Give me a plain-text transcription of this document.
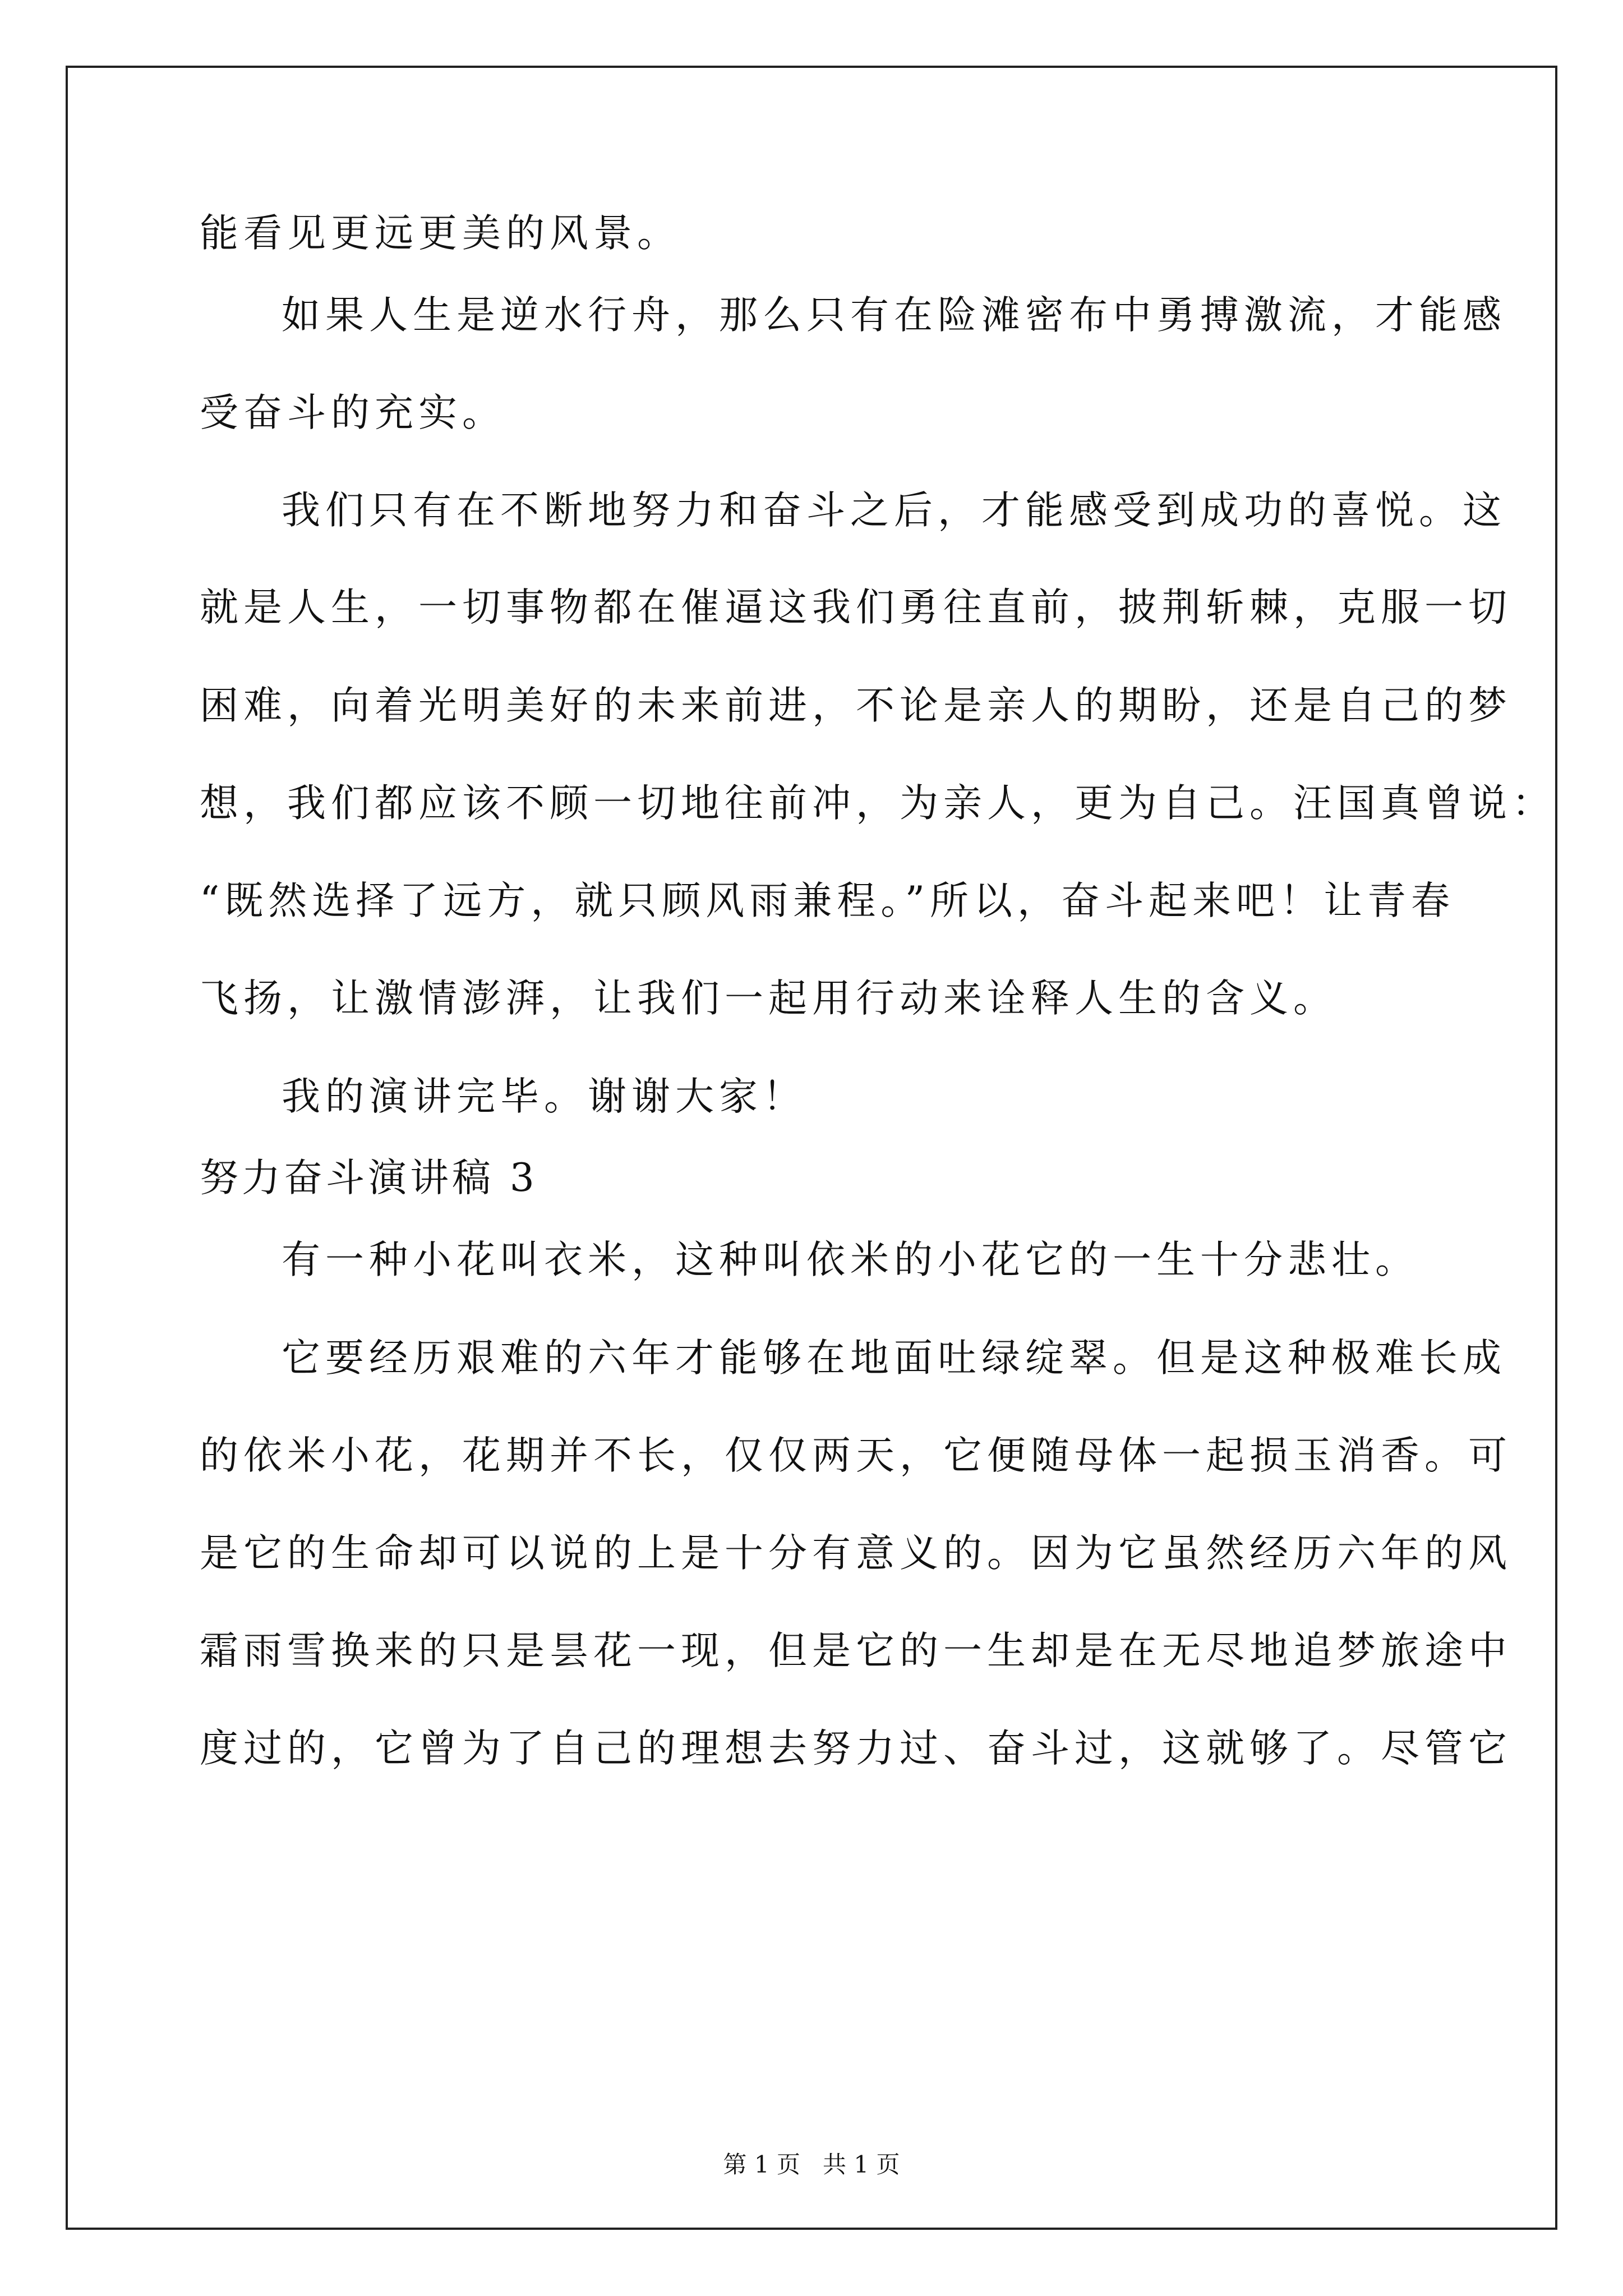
能看见更远更美的风景。
如果人生是逆水行舟，那么只有在险滩密布中勇搏激流，才能感
受奋斗的充实。
我们只有在不断地努力和奋斗之后，才能感受到成功的喜悦。这
就是人生，一切事物都在催逼这我们勇往直前，披荆斩棘，克服一切
困难，向着光明美好的未来前进，不论是亲人的期盼，还是自己的梦
想，我们都应该不顾一切地往前冲，为亲人，更为自己。汪国真曾说：
“既然选择了远方，就只顾风雨兼程。”所以，奋斗起来吧！让青春
飞扬，让激情澎湃，让我们一起用行动来诠释人生的含义。
我的演讲完毕。谢谢大家！
努力奋斗演讲稿 3
有一种小花叫衣米，这种叫依米的小花它的一生十分悲壮。
它要经历艰难的六年才能够在地面吐绿绽翠。但是这种极难长成
的依米小花，花期并不长，仅仅两天，它便随母体一起损玉消香。可
是它的生命却可以说的上是十分有意义的。因为它虽然经历六年的风
霜雨雪换来的只是昙花一现，但是它的一生却是在无尽地追梦旅途中
度过的，它曾为了自己的理想去努力过、奋斗过，这就够了。尽管它
第 1 页   共 1 页
